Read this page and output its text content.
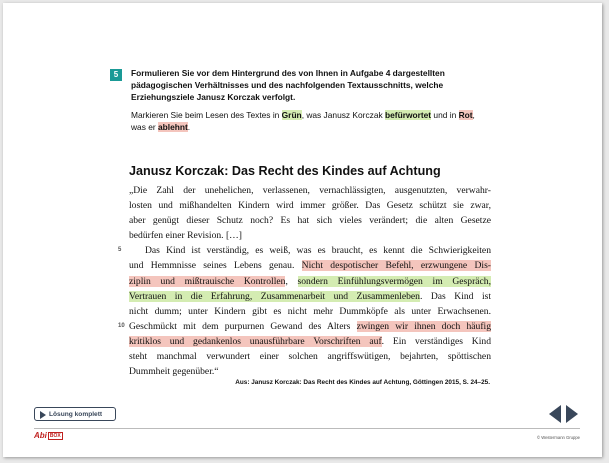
5	Formulieren Sie vor dem Hintergrund des von Ihnen in Aufgabe 4 dargestellten pädagogischen Verhältnisses und des nachfolgenden Textausschnitts, welche Erziehungsziele Janusz Korczak verfolgt.
Markieren Sie beim Lesen des Textes in Grün, was Janusz Korczak befürwortet und in Rot, was er ablehnt.
Janusz Korczak: Das Recht des Kindes auf Achtung
„Die Zahl der unehelichen, verlassenen, vernachlässigten, ausgenutzten, verwahr-
losten und mißhandelten Kindern wird immer größer. Das Gesetz schützt sie zwar,
aber genügt dieser Schutz noch? Es hat sich vieles verändert; die alten Gesetze
bedürfen einer Revision. […]
5 Das Kind ist verständig, es weiß, was es braucht, es kennt die Schwierigkeiten
und Hemmnisse seines Lebens genau. Nicht despotischer Befehl, erzwungene Dis-
ziplin und mißtrauische Kontrollen, sondern Einfühlungsvermögen im Gespräch,
Vertrauen in die Erfahrung, Zusammenarbeit und Zusammenleben. Das Kind ist
nicht dumm; unter Kindern gibt es nicht mehr Dummköpfe als unter Erwachsenen.
10 Geschmückt mit dem purpurnen Gewand des Alters zwingen wir ihnen doch häufig
kritiklos und gedankenlos unausführbare Vorschriften auf. Ein verständiges Kind
steht manchmal verwundert einer solchen angriffswütigen, bejahrten, spöttischen
Dummheit gegenüber.“
Aus: Janusz Korczak: Das Recht des Kindes auf Achtung, Göttingen 2015, S. 24–25.
Lösung komplett
Abi BOX	© Westermann Gruppe
